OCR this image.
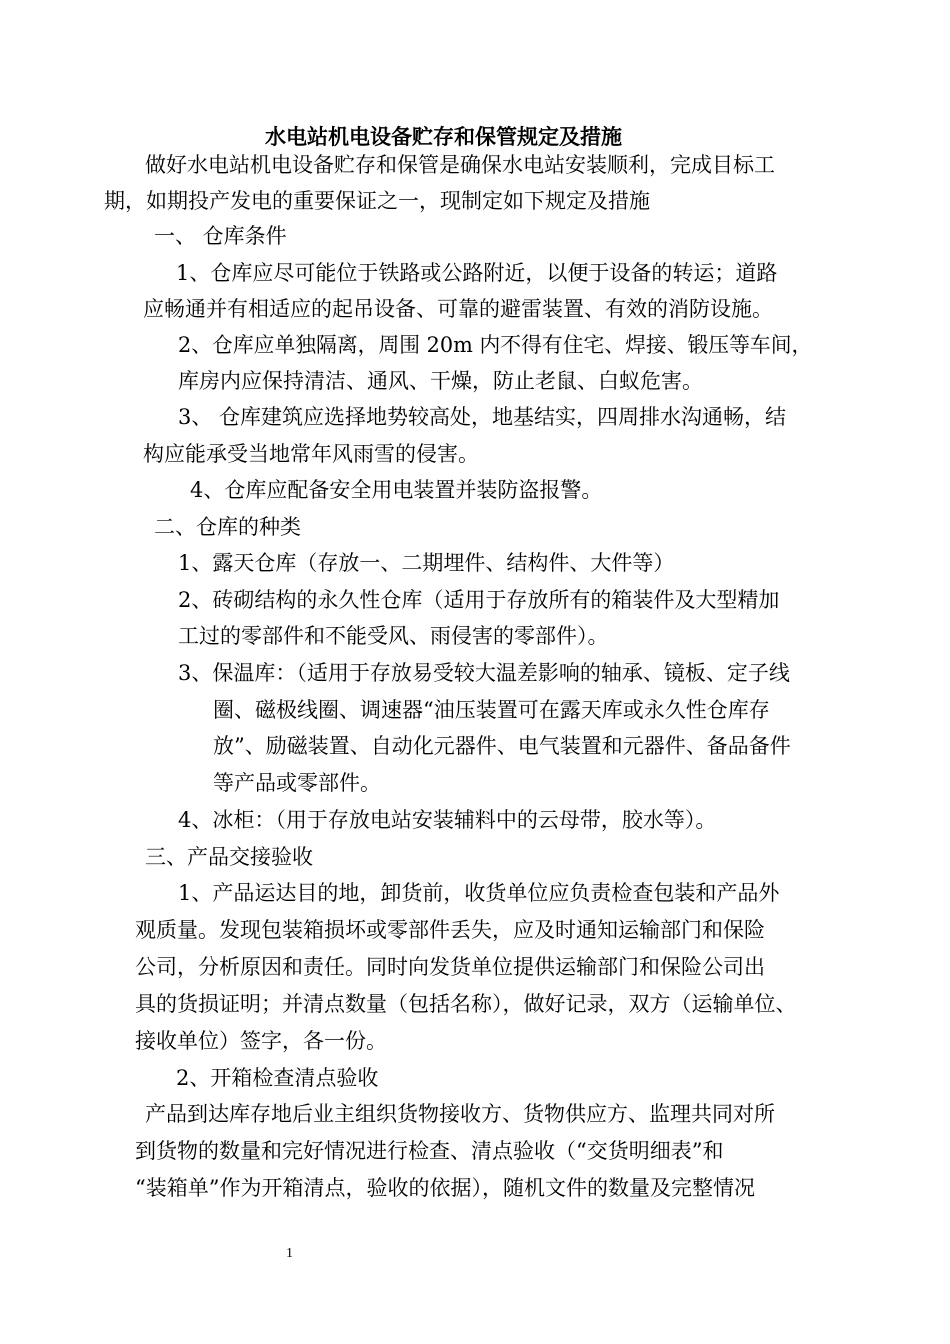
水电站机电设备贮存和保管规定及措施
做好水电站机电设备贮存和保管是确保水电站安装顺利，完成目标工
期，如期投产发电的重要保证之一，现制定如下规定及措施
一、 仓库条件
1、仓库应尽可能位于铁路或公路附近，以便于设备的转运；道路
应畅通并有相适应的起吊设备、可靠的避雷装置、有效的消防设施。
2、仓库应单独隔离，周围 20m 内不得有住宅、焊接、锻压等车间，
库房内应保持清洁、通风、干燥，防止老鼠、白蚁危害。
3、 仓库建筑应选择地势较高处，地基结实，四周排水沟通畅，结
构应能承受当地常年风雨雪的侵害。
4、仓库应配备安全用电装置并装防盗报警。
二、仓库的种类
1、露天仓库（存放一、二期埋件、结构件、大件等）
2、砖砌结构的永久性仓库（适用于存放所有的箱装件及大型精加
工过的零部件和不能受风、雨侵害的零部件）。
3、保温库：（适用于存放易受较大温差影响的轴承、镜板、定子线
圈、磁极线圈、调速器“油压装置可在露天库或永久性仓库存
放”、励磁装置、自动化元器件、电气装置和元器件、备品备件
等产品或零部件。
4、冰柜：（用于存放电站安装辅料中的云母带，胶水等）。
三、产品交接验收
1、产品运达目的地，卸货前，收货单位应负责检查包装和产品外
观质量。发现包装箱损坏或零部件丢失，应及时通知运输部门和保险
公司，分析原因和责任。同时向发货单位提供运输部门和保险公司出
具的货损证明；并清点数量（包括名称），做好记录，双方（运输单位、
接收单位）签字，各一份。
2、开箱检查清点验收
产品到达库存地后业主组织货物接收方、货物供应方、监理共同对所
到货物的数量和完好情况进行检查、清点验收（“交货明细表”和
“装箱单”作为开箱清点，验收的依据），随机文件的数量及完整情况
1
